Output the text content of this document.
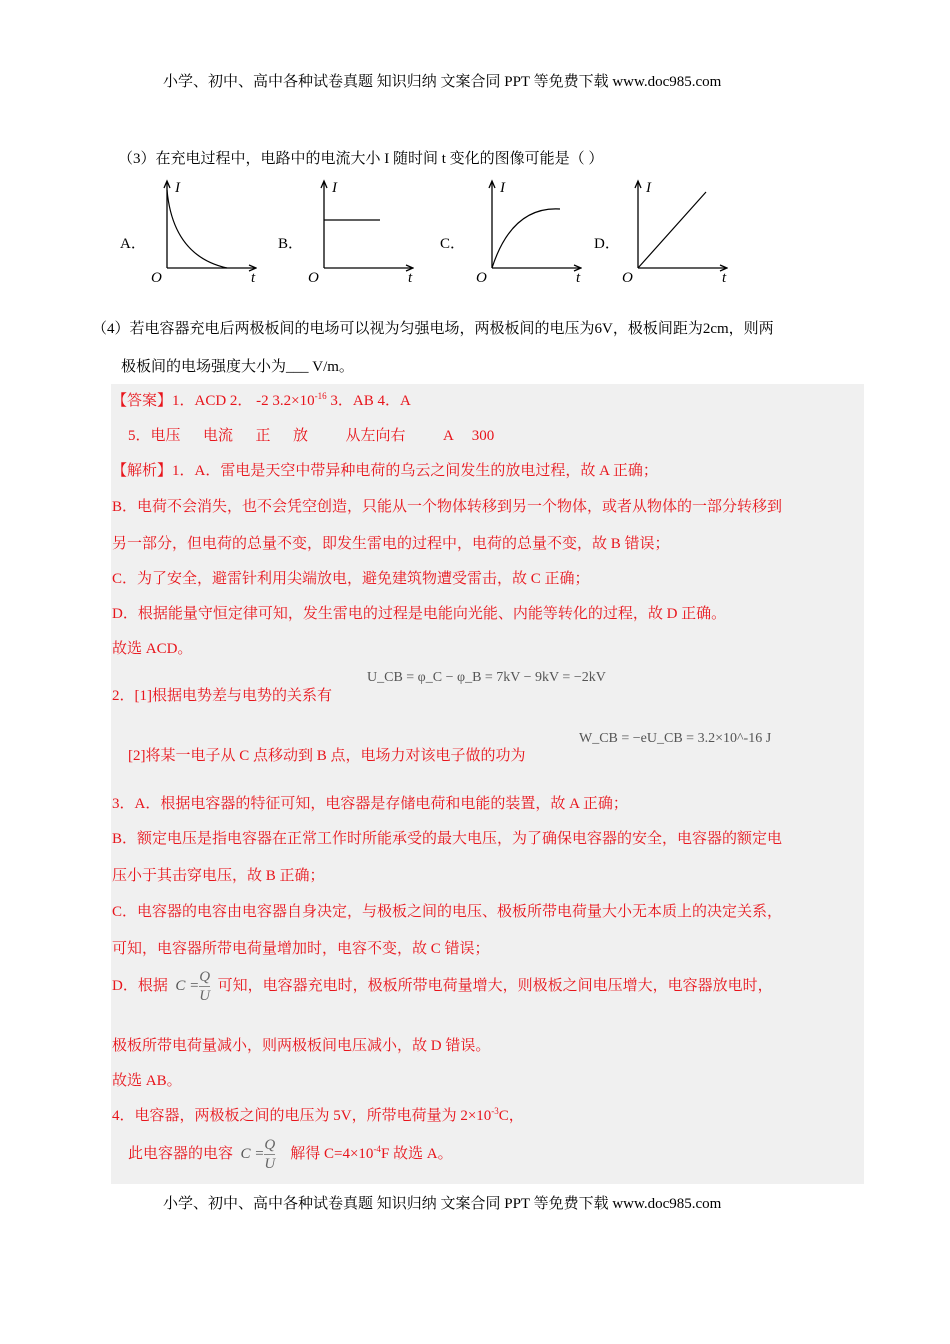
小学、初中、高中各种试卷真题 知识归纳 文案合同 PPT 等免费下载 www.doc985.com
（3）在充电过程中，电路中的电流大小 I 随时间 t 变化的图像可能是（ ）
A．
I
t
O
B．
I
t
O
C．
I
t
O
D．
I
t
O
（4）若电容器充电后两极板间的电场可以视为匀强电场，两极板间的电压为6V，极板间距为2cm，则两
极板间的电场强度大小为___ V/m。
【答案】1．ACD 2． -2 $3.2\times 10^{-16}$ 3．AB 4．A
5．电压      电流      正      放          从左向右          A     300
【解析】1．A．雷电是天空中带异种电荷的乌云之间发生的放电过程，故 A 正确；
B．电荷不会消失，也不会凭空创造，只能从一个物体转移到另一个物体，或者从物体的一部分转移到
另一部分，但电荷的总量不变，即发生雷电的过程中，电荷的总量不变，故 B 错误；
C．为了安全，避雷针利用尖端放电，避免建筑物遭受雷击，故 C 正确；
D．根据能量守恒定律可知，发生雷电的过程是电能向光能、内能等转化的过程，故 D 正确。
故选 ACD。
2．[1]根据电势差与电势的关系有
U_CB = φ_C − φ_B = 7kV − 9kV = −2kV
[2]将某一电子从 C 点移动到 B 点，电场力对该电子做的功为
W_CB = −eU_CB = 3.2×10^-16 J
3．A．根据电容器的特征可知，电容器是存储电荷和电能的装置，故 A 正确；
B．额定电压是指电容器在正常工作时所能承受的最大电压，为了确保电容器的安全，电容器的额定电
压小于其击穿电压，故 B 正确；
C．电容器的电容由电容器自身决定，与极板之间的电压、极板所带电荷量大小无本质上的决定关系，
可知，电容器所带电荷量增加时，电容不变，故 C 错误；
D．根据 $C = \frac{Q}{U}$ 可知，电容器充电时，极板所带电荷量增大，则极板之间电压增大，电容器放电时，
极板所带电荷量减小，则两极板间电压减小，故 D 错误。
故选 AB。
4．电容器，两极板之间的电压为 5V，所带电荷量为 $2\times 10^{-3}C$，
此电容器的电容 $C = \frac{Q}{U}$ 解得 $C=4\times 10^{-4}F$ 故选 A。
小学、初中、高中各种试卷真题 知识归纳 文案合同 PPT 等免费下载 www.doc985.com
